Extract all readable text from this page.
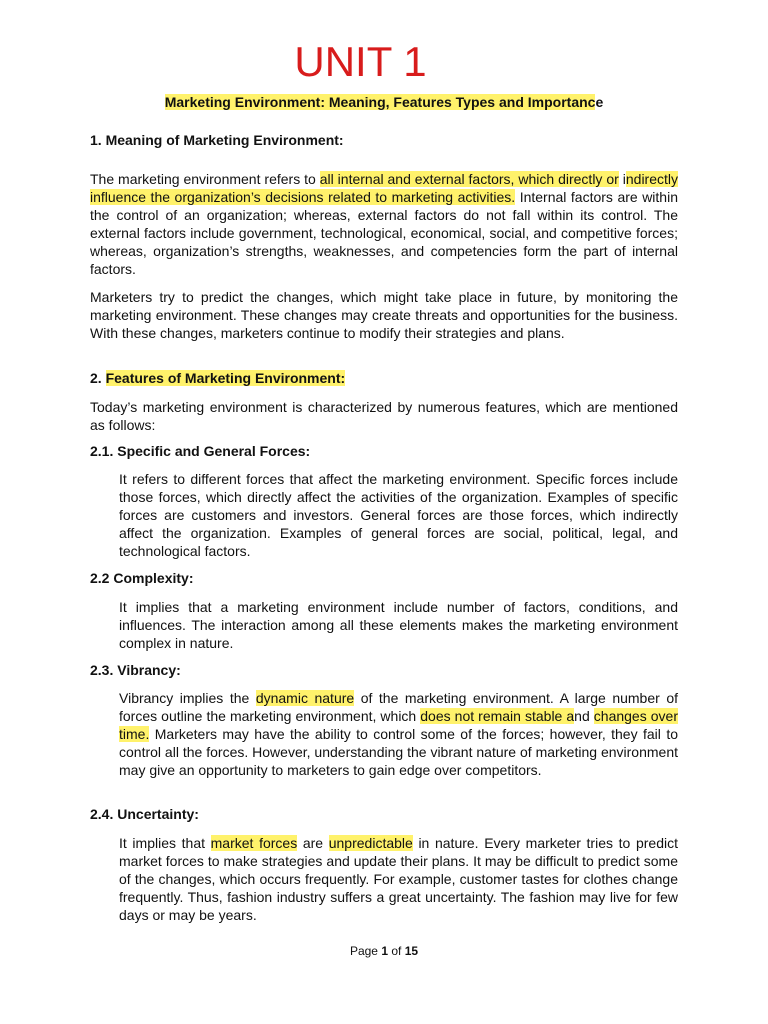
UNIT 1
Marketing Environment: Meaning, Features Types and Importance
1. Meaning of Marketing Environment:

The marketing environment refers to all internal and external factors, which directly or indirectly influence the organization’s decisions related to marketing activities. Internal factors are within the control of an organization; whereas, external factors do not fall within its control. The external factors include government, technological, economical, social, and competitive forces; whereas, organization’s strengths, weaknesses, and competencies form the part of internal factors.

Marketers try to predict the changes, which might take place in future, by monitoring the marketing environment. These changes may create threats and opportunities for the business. With these changes, marketers continue to modify their strategies and plans.

2. Features of Marketing Environment:

Today’s marketing environment is characterized by numerous features, which are mentioned as follows:

2.1. Specific and General Forces:

It refers to different forces that affect the marketing environment. Specific forces include those forces, which directly affect the activities of the organization. Examples of specific forces are customers and investors. General forces are those forces, which indirectly affect the organization. Examples of general forces are social, political, legal, and technological factors.

2.2 Complexity:

It implies that a marketing environment include number of factors, conditions, and influences. The interaction among all these elements makes the marketing environment complex in nature.

2.3. Vibrancy:

Vibrancy implies the dynamic nature of the marketing environment. A large number of forces outline the marketing environment, which does not remain stable and changes over time. Marketers may have the ability to control some of the forces; however, they fail to control all the forces. However, understanding the vibrant nature of marketing environment may give an opportunity to marketers to gain edge over competitors.

2.4. Uncertainty:

It implies that market forces are unpredictable in nature. Every marketer tries to predict market forces to make strategies and update their plans. It may be difficult to predict some of the changes, which occurs frequently. For example, customer tastes for clothes change frequently. Thus, fashion industry suffers a great uncertainty. The fashion may live for few days or may be years.

Page 1 of 15
